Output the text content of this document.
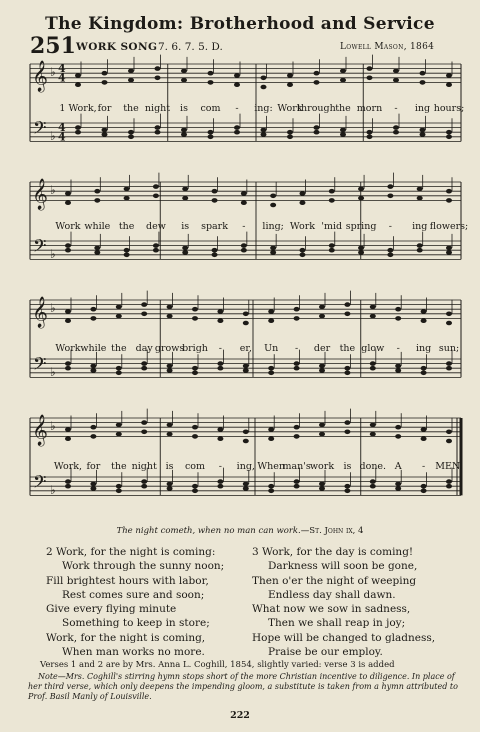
The Kingdom: Brotherhood and Service
251 WORK SONG 7. 6. 7. 5. D.	Lowell Mason, 1864
𝄞
𝄢
♭
♭
4
4
4
4
1 Work, for the night is com - ing: Work
through the morn - ing hours;
𝄞
𝄢
♭
♭
Work while the dew is spark - ling; Work 'mid spring - ing flowers;
𝄞
𝄢
♭
♭
Work while the day grows
brigh - er, Un - der the glow - ing sun;
𝄞
𝄢
♭
♭
Work, for the night is com - ing, When
man's work is done. A - MEN.
The night cometh, when no man can work.—St. John ix, 4
2 Work, for the night is coming:
Work through the sunny noon;
Fill brightest hours with labor,
Rest comes sure and soon;
Give every flying minute
Something to keep in store;
Work, for the night is coming,
When man works no more.
3 Work, for the day is coming!
Darkness will soon be gone,
Then o'er the night of weeping
Endless day shall dawn.
What now we sow in sadness,
Then we shall reap in joy;
Hope will be changed to gladness,
Praise be our employ.
Verses 1 and 2 are by Mrs. Anna L. Coghill, 1854, slightly varied: verse 3 is added
Note—Mrs. Coghill's stirring hymn stops short of the more Christian incentive to diligence. In place of her third verse, which only deepens the impending gloom, a substitute is taken from a hymn attributed to Prof. Basil Manly of Louisville.
222
